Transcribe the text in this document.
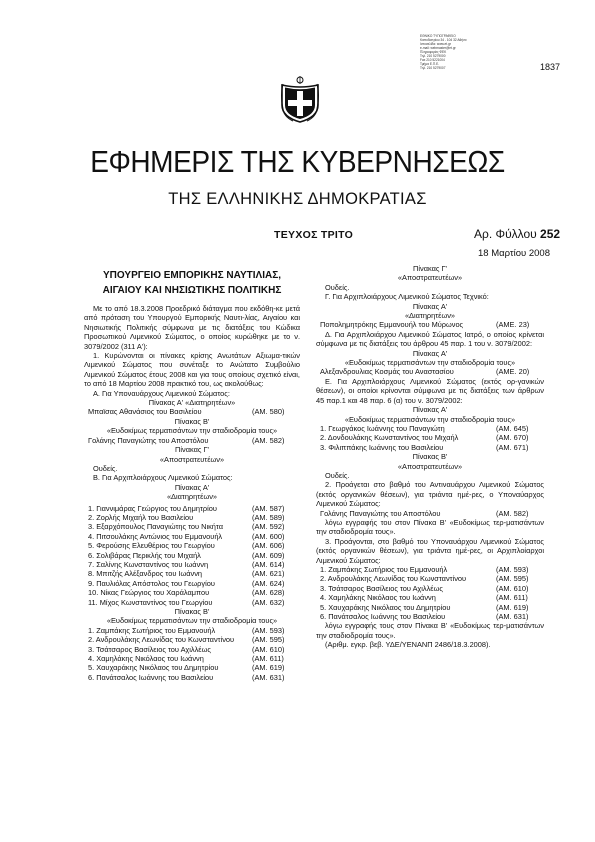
ΕΘΝΙΚΟ ΤΥΠΟΓΡΑΦΕΙΟ
Καποδιστρίου 34 - 104 32 Αθήνα
Ιστοσελίδα: www.et.gr
e-mail: webmaster@et.gr
Πληροφορίες ΦΕΚ
Τηλ. 210 5279000
Fax 210 5221004
Τμήμα Ε.Π.Ε.
Τηλ. 210 5279007	1837
ΕΦΗΜΕΡΙΣ ΤΗΣ ΚΥΒΕΡΝΗΣΕΩΣ
ΤΗΣ ΕΛΛΗΝΙΚΗΣ ΔΗΜΟΚΡΑΤΙΑΣ
ΤΕΥΧΟΣ ΤΡΙΤΟ	Αρ. Φύλλου 252
18 Μαρτίου 2008
ΥΠΟΥΡΓΕΙΟ ΕΜΠΟΡΙΚΗΣ ΝΑΥΤΙΛΙΑΣ,
ΑΙΓΑΙΟΥ ΚΑΙ ΝΗΣΙΩΤΙΚΗΣ ΠΟΛΙΤΙΚΗΣ
Με το από 18.3.2008 Προεδρικό διάταγμα που εκδόθη-κε μετά από πρόταση του Υπουργού Εμπορικής Ναυτι-λίας, Αιγαίου και Νησιωτικής Πολιτικής σύμφωνα με τις διατάξεις του Κώδικα Προσωπικού Λιμενικού Σώματος, ο οποίος κυρώθηκε με το ν. 3079/2002 (311 Α'):
1. Κυρώνονται οι πίνακες κρίσης Ανωτάτων Αξιωμα-τικών Λιμενικού Σώματος που συνέταξε το Ανώτατο Συμβούλιο Λιμενικού Σώματος έτους 2008 και για τους οποίους σχετικό είναι, το από 18 Μαρτίου 2008 πρακτικό του, ως ακολούθως:
Α. Για Υποναυάρχους Λιμενικού Σώματος:
Πίνακας Α' «Διατηρητέων»
Μπαϊσας Αθανάσιος του Βασιλείου	(ΑΜ. 580)
Πίνακας Β'
«Ευδοκίμως τερματισάντων την σταδιοδρομία τους»
Γολάνης Παναγιώτης του Αποστόλου	(ΑΜ. 582)
Πίνακας Γ'
«Αποστρατευτέων»
Ουδείς.
Β. Για Αρχιπλοιάρχους Λιμενικού Σώματος:
Πίνακας Α'
«Διατηρητέων»
1. Γιαννιμάρας Γεώργιος του Δημητρίου	(ΑΜ. 587)
2. Ζορλής Μιχαήλ του Βασιλείου	(ΑΜ. 589)
3. Εξαρχόπουλος Παναγιώτης του Νικήτα	(ΑΜ. 592)
4. Πιτσουλάκης Αντώνιος του Εμμανουήλ	(ΑΜ. 600)
5. Φερούσης Ελευθέριος του Γεωργίου	(ΑΜ. 606)
6. Σολιβάρας Περικλής του Μιχαήλ	(ΑΜ. 609)
7. Σαλίνης Κωνσταντίνος του Ιωάννη	(ΑΜ. 614)
8. Μπιτζής Αλέξανδρος του Ιωάννη	(ΑΜ. 621)
9. Παυλιόλας Απόστολος του Γεωργίου	(ΑΜ. 624)
10. Νίκας Γεώργιος του Χαράλαμπου	(ΑΜ. 628)
11. Μίχος Κωνσταντίνος του Γεωργίου	(ΑΜ. 632)
Πίνακας Β'
«Ευδοκίμως τερματισάντων την σταδιοδρομία τους»
1. Ζαμπάκης Σωτήριος του Εμμανουήλ	(ΑΜ. 593)
2. Ανδρουλάκης Λεωνίδας του Κωνσταντίνου (ΑΜ. 595)
3. Τσάτσαρος Βασίλειος του Αχιλλέως	(ΑΜ. 610)
4. Χαμηλάκης Νικόλαος του Ιωάννη	(ΑΜ. 611)
5. Χαυχαράκης Νικόλαος του Δημητρίου	(ΑΜ. 619)
6. Πανάτσαλος Ιωάννης του Βασιλείου	(ΑΜ. 631)
Πίνακας Γ'
«Αποστρατευτέων»
Ουδείς.
Γ. Για Αρχιπλοιάρχους Λιμενικού Σώματος Τεχνικό:
Πίνακας Α'
«Διατηρητέων»
Ποπολημητρόκης Εμμανουήλ του Μύρωνος	(ΑΜΕ. 23)
Δ. Για Αρχιπλοιάρχου Λιμενικού Σώματος Ιατρό, ο οποίος κρίνεται σύμφωνα με τις διατάξεις του άρθρου 45 παρ. 1 του ν. 3079/2002:
Πίνακας Α'
«Ευδοκίμως τερματισάντων την σταδιοδρομία τους»
Αλεξανδρουλιας Κοσμάς του Αναστασίου	(ΑΜΕ. 20)
Ε. Για Αρχιπλοιάρχους Λιμενικού Σώματος (εκτός ορ-γανικών θέσεων), οι οποίοι κρίνονται σύμφωνα με τις διατάξεις των άρθρων 45 παρ.1 και 48 παρ. 6 (α) του ν. 3079/2002:
Πίνακας Α'
«Ευδοκίμως τερματισάντων την σταδιοδρομία τους»
1. Γεωργάκος Ιωάννης του Παναγιώτη	(ΑΜ. 645)
2. Δονδουλάκης Κωνσταντίνος του Μιχαήλ	(ΑΜ. 670)
3. Φιλιππάκης Ιωάννης του Βασιλείου	(ΑΜ. 671)
Πίνακας Β'
«Αποστρατευτέων»
Ουδείς.
2. Προάγεται στο βαθμό του Αντιναυάρχου Λιμενικού Σώματος (εκτός οργανικών θέσεων), για τριάντα ημέ-ρες, ο Υποναύαρχος Λιμενικού Σώματος:
Γολάνης Παναγιώτης του Αποστόλου	(ΑΜ. 582)
λόγω εγγραφής του στον Πίνακα Β' «Ευδοκίμως τερ-ματισάντων την σταδιοδρομία τους».
3. Προάγονται, στο βαθμό του Υποναυάρχου Λιμενικού Σώματος (εκτός οργανικών θέσεων), για τριάντα ημέ-ρες, οι Αρχιπλοίαρχοι Λιμενικού Σώματος:
1. Ζαμπάκης Σωτήριος του Εμμανουήλ	(ΑΜ. 593)
2. Ανδρουλάκης Λεωνίδας του Κωνσταντίνου	(ΑΜ. 595)
3. Τσάτσαρος Βασίλειος του Αχιλλέως	(ΑΜ. 610)
4. Χαμηλάκης Νικόλαος του Ιωάννη	(ΑΜ. 611)
5. Χαυχαράκης Νικόλαος του Δημητρίου	(ΑΜ. 619)
6. Πανάτσαλος Ιωάννης του Βασιλείου	(ΑΜ. 631)
λόγω εγγραφής τους στον Πίνακα Β' «Ευδοκίμως τερ-ματισάντων την σταδιοδρομία τους».
(Αριθμ. εγκρ. βεβ. ΥΔΕ/ΥΕΝΑΝΠ 2486/18.3.2008).
